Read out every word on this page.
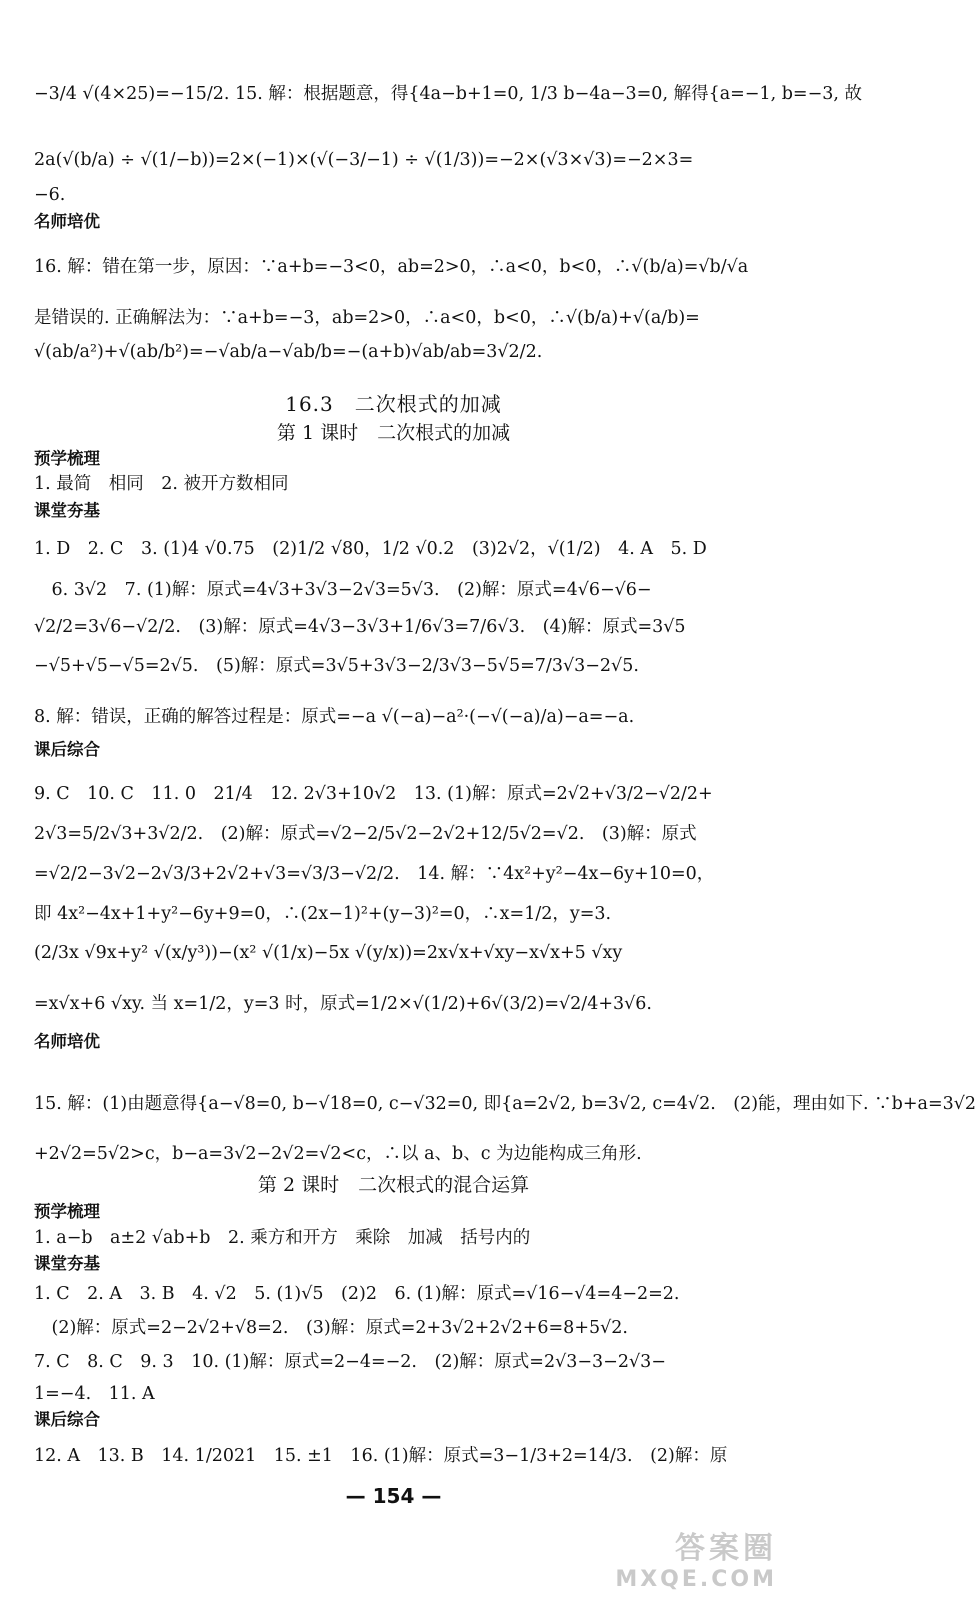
−3/4 √(4×25)=−15/2. 15. 解：根据题意，得{4a−b+1=0, 1/3 b−4a−3=0, 解得{a=−1, b=−3, 故
2a(√(b/a) ÷ √(1/−b))=2×(−1)×(√(−3/−1) ÷ √(1/3))=−2×(√3×√3)=−2×3=
−6.
名师培优
16. 解：错在第一步，原因：∵a+b=−3<0，ab=2>0，∴a<0，b<0，∴√(b/a)=√b/√a
是错误的. 正确解法为：∵a+b=−3，ab=2>0，∴a<0，b<0，∴√(b/a)+√(a/b)=
√(ab/a²)+√(ab/b²)=−√ab/a−√ab/b=−(a+b)√ab/ab=3√2/2.
16.3　二次根式的加减
第 1 课时　二次根式的加减
预学梳理
1. 最简　相同　2. 被开方数相同
课堂夯基
1. D　2. C　3. (1)4 √0.75　(2)1/2 √80，1/2 √0.2　(3)2√2，√(1/2)　4. A　5. D
　6. 3√2　7. (1)解：原式=4√3+3√3−2√3=5√3.　(2)解：原式=4√6−√6−
√2/2=3√6−√2/2.　(3)解：原式=4√3−3√3+1/6√3=7/6√3.　(4)解：原式=3√5
−√5+√5−√5=2√5.　(5)解：原式=3√5+3√3−2/3√3−5√5=7/3√3−2√5.
8. 解：错误，正确的解答过程是：原式=−a √(−a)−a²·(−√(−a)/a)−a=−a.
课后综合
9. C　10. C　11. 0　21/4　12. 2√3+10√2　13. (1)解：原式=2√2+√3/2−√2/2+
2√3=5/2√3+3√2/2.　(2)解：原式=√2−2/5√2−2√2+12/5√2=√2.　(3)解：原式
=√2/2−3√2−2√3/3+2√2+√3=√3/3−√2/2.　14. 解：∵4x²+y²−4x−6y+10=0，
即 4x²−4x+1+y²−6y+9=0，∴(2x−1)²+(y−3)²=0，∴x=1/2，y=3.
(2/3x √9x+y² √(x/y³))−(x² √(1/x)−5x √(y/x))=2x√x+√xy−x√x+5 √xy
=x√x+6 √xy. 当 x=1/2，y=3 时，原式=1/2×√(1/2)+6√(3/2)=√2/4+3√6.
名师培优
15. 解：(1)由题意得{a−√8=0, b−√18=0, c−√32=0, 即{a=2√2, b=3√2, c=4√2.　(2)能，理由如下. ∵b+a=3√2
+2√2=5√2>c，b−a=3√2−2√2=√2<c，∴以 a、b、c 为边能构成三角形.
第 2 课时　二次根式的混合运算
预学梳理
1. a−b　a±2 √ab+b　2. 乘方和开方　乘除　加减　括号内的
课堂夯基
1. C　2. A　3. B　4. √2　5. (1)√5　(2)2　6. (1)解：原式=√16−√4=4−2=2.
　(2)解：原式=2−2√2+√8=2.　(3)解：原式=2+3√2+2√2+6=8+5√2.
7. C　8. C　9. 3　10. (1)解：原式=2−4=−2.　(2)解：原式=2√3−3−2√3−
1=−4.　11. A
课后综合
12. A　13. B　14. 1/2021　15. ±1　16. (1)解：原式=3−1/3+2=14/3.　(2)解：原
— 154 —
答案圈
MXQE.COM
